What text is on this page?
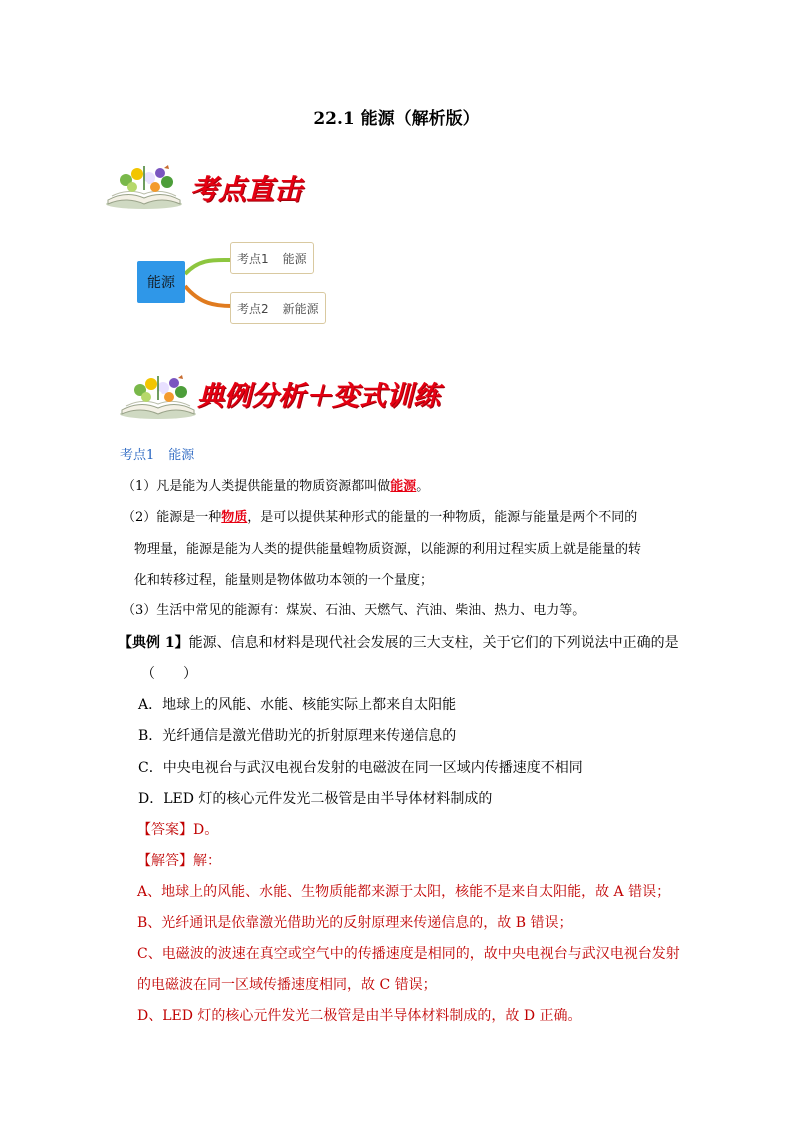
22.1 能源（解析版）
考点直击
能源
考点1 能源
考点2 新能源
典例分析＋变式训练
考点1 能源
（1）凡是能为人类提供能量的物质资源都叫做能源。
（2）能源是一种物质，是可以提供某种形式的能量的一种物质，能源与能量是两个不同的
物理量，能源是能为人类的提供能量蝗物质资源，以能源的利用过程实质上就是能量的转
化和转移过程，能量则是物体做功本领的一个量度；
（3）生活中常见的能源有：煤炭、石油、天燃气、汽油、柴油、热力、电力等。
【典例 1】能源、信息和材料是现代社会发展的三大支柱，关于它们的下列说法中正确的是
（　　）
A．地球上的风能、水能、核能实际上都来自太阳能
B．光纤通信是激光借助光的折射原理来传递信息的
C．中央电视台与武汉电视台发射的电磁波在同一区域内传播速度不相同
D．LED 灯的核心元件发光二极管是由半导体材料制成的
【答案】D。
【解答】解：
A、地球上的风能、水能、生物质能都来源于太阳，核能不是来自太阳能，故 A 错误；
B、光纤通讯是依靠激光借助光的反射原理来传递信息的，故 B 错误；
C、电磁波的波速在真空或空气中的传播速度是相同的，故中央电视台与武汉电视台发射
的电磁波在同一区域传播速度相同，故 C 错误；
D、LED 灯的核心元件发光二极管是由半导体材料制成的，故 D 正确。
